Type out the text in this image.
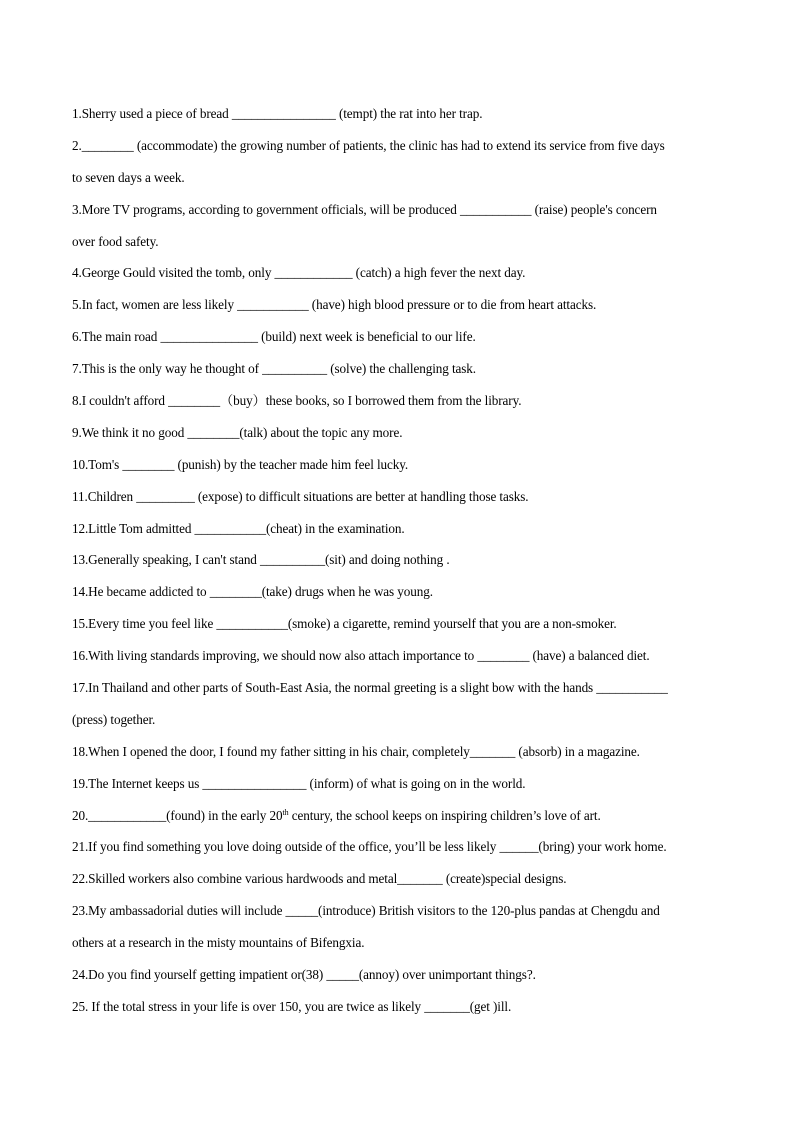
1.Sherry used a piece of bread ________________ (tempt) the rat into her trap.
2.________ (accommodate) the growing number of patients, the clinic has had to extend its service from five days
to seven days a week.
3.More TV programs, according to government officials, will be produced ___________ (raise) people's concern
over food safety.
4.George Gould visited the tomb, only ____________ (catch) a high fever the next day.
5.In fact, women are less likely ___________ (have) high blood pressure or to die from heart attacks.
6.The main road _______________ (build) next week is beneficial to our life.
7.This is the only way he thought of __________ (solve) the challenging task.
8.I couldn't afford ________（buy）these books, so I borrowed them from the library.
9.We think it no good ________(talk) about the topic any more.
10.Tom's ________ (punish) by the teacher made him feel lucky.
11.Children _________ (expose) to difficult situations are better at handling those tasks.
12.Little Tom admitted ___________(cheat) in the examination.
13.Generally speaking, I can't stand __________(sit) and doing nothing .
14.He became addicted to ________(take) drugs when he was young.
15.Every time you feel like ___________(smoke) a cigarette, remind yourself that you are a non-smoker.
16.With living standards improving, we should now also attach importance to ________ (have) a balanced diet.
17.In Thailand and other parts of South-East Asia, the normal greeting is a slight bow with the hands ___________
(press) together.
18.When I opened the door, I found my father sitting in his chair, completely_______ (absorb) in a magazine.
19.The Internet keeps us ________________ (inform) of what is going on in the world.
20.____________(found) in the early 20th century, the school keeps on inspiring children’s love of art.
21.If you find something you love doing outside of the office, you’ll be less likely ______(bring) your work home.
22.Skilled workers also combine various hardwoods and metal_______ (create)special designs.
23.My ambassadorial duties will include _____(introduce) British visitors to the 120-plus pandas at Chengdu and
others at a research in the misty mountains of Bifengxia.
24.Do you find yourself getting impatient or(38) _____(annoy) over unimportant things?.
25. If the total stress in your life is over 150, you are twice as likely _______(get )ill.
